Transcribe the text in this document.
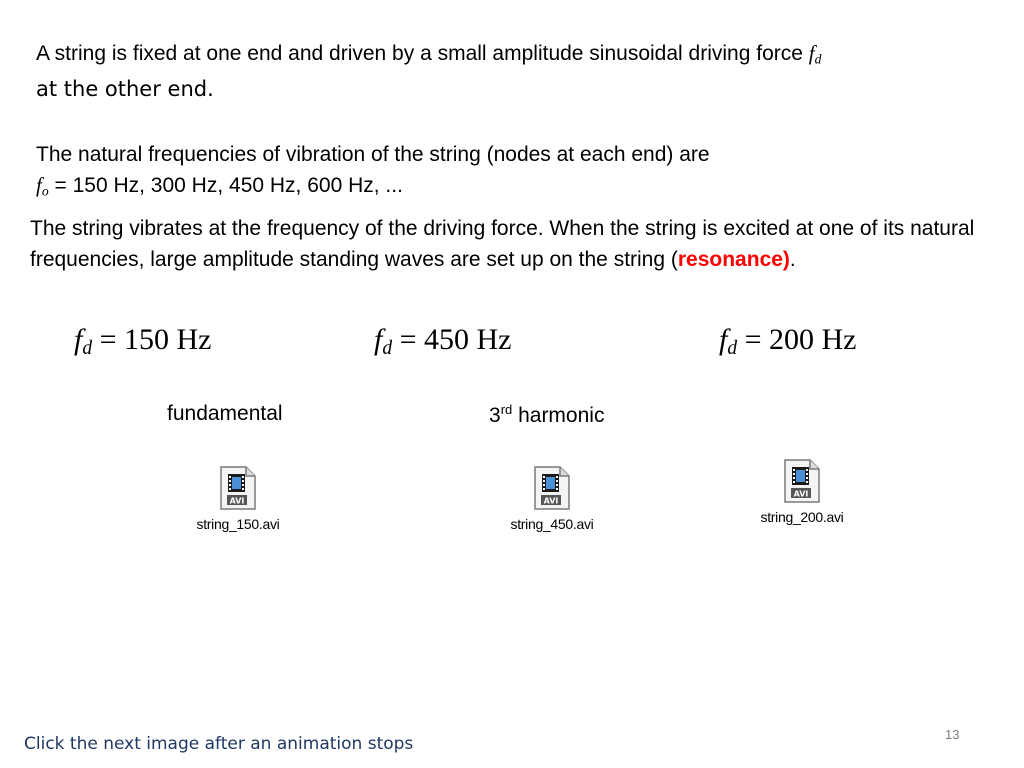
A string is fixed at one end and driven by a small amplitude sinusoidal driving force $f_d$
at the other end.
The natural frequencies of vibration of the string (nodes at each end) are
$f_o = 150$ Hz, 300 Hz, 450 Hz, 600 Hz, ...
The string vibrates at the frequency of the driving force. When the string is excited at one of its natural frequencies, large amplitude standing waves are set up on the string (resonance).
$f_d = 150$ Hz	$f_d = 450$ Hz	$f_d = 200$ Hz
fundamental	3rd harmonic
AVI
string_150.avi
AVI
string_450.avi
AVI
string_200.avi
13
Click the next image after an animation stops
